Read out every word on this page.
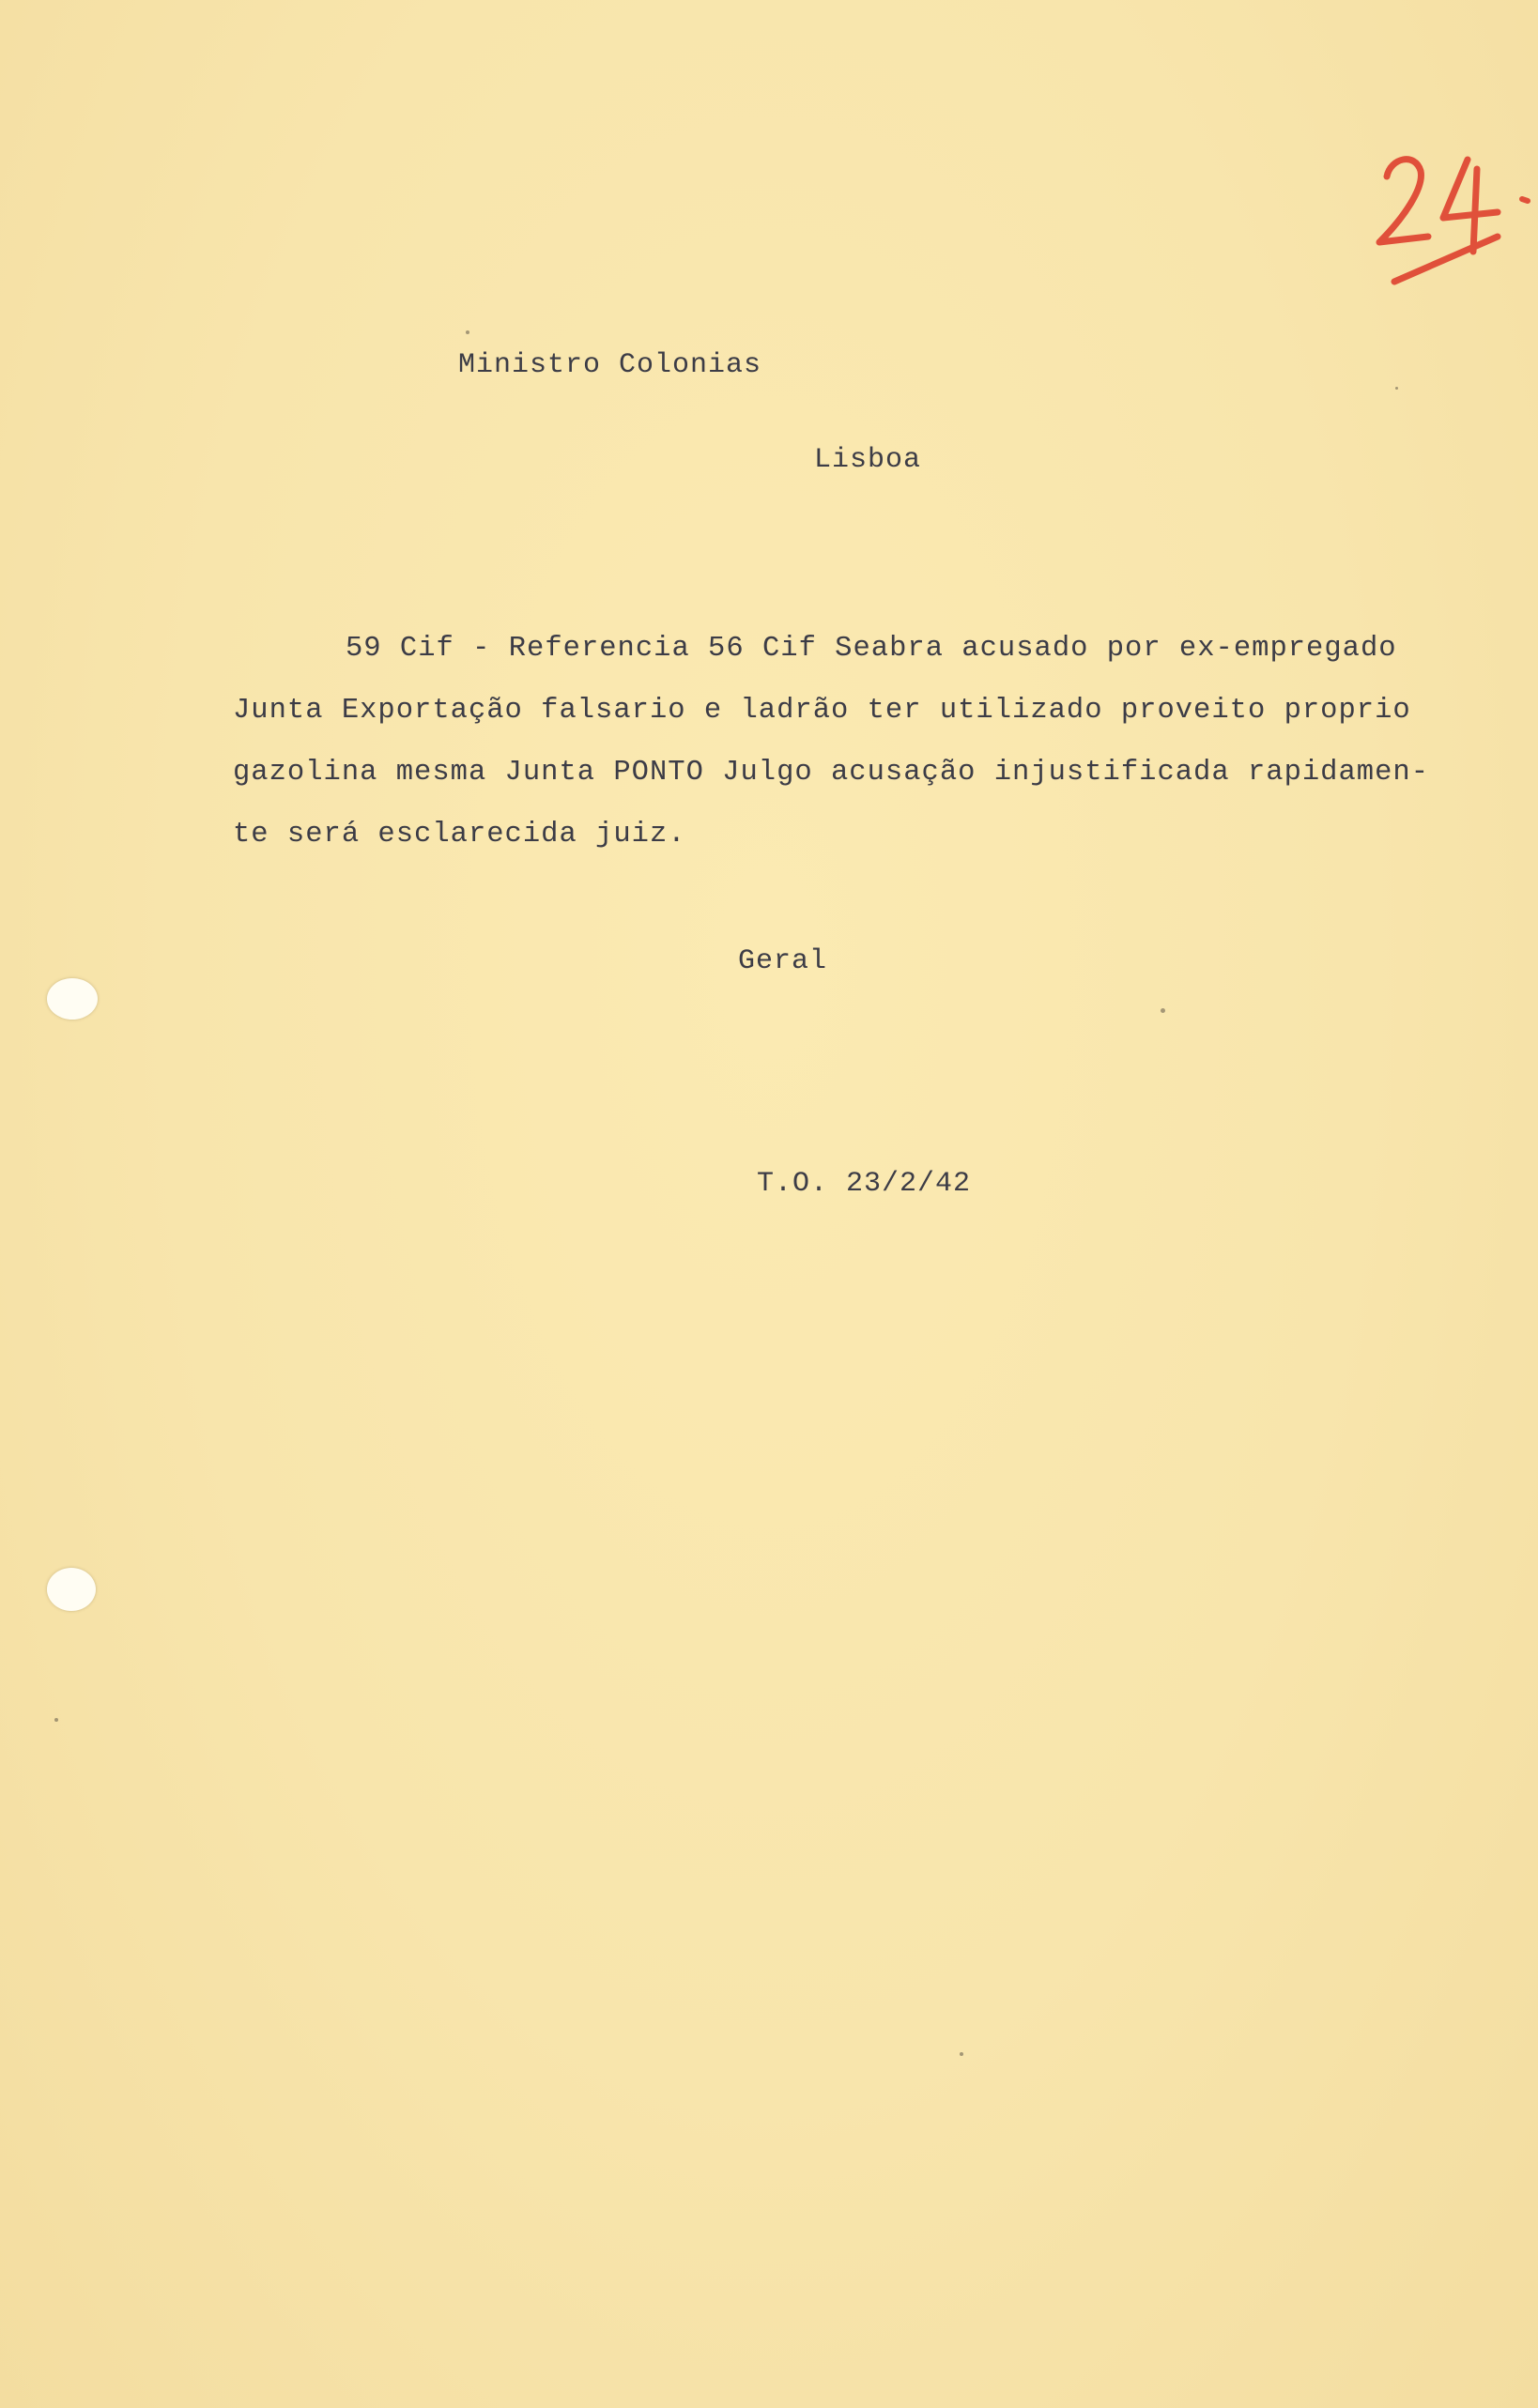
Ministro Colonias
Lisboa
59 Cif - Referencia 56 Cif Seabra acusado por ex-empregado
Junta Exportação falsario e ladrão ter utilizado proveito proprio
gazolina mesma Junta PONTO Julgo acusação injustificada rapidamen-
te será esclarecida juiz.
Geral
T.O. 23/2/42
